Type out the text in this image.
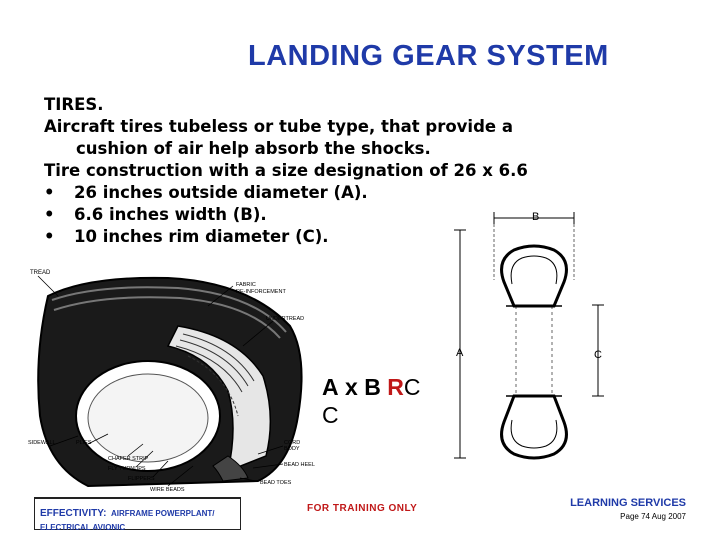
LANDING GEAR SYSTEM
TIRES.
Aircraft tires tubeless or tube type, that provide a
cushion of air help absorb the shocks.
Tire construction with a size designation of 26 x 6.6
•	26 inches outside diameter (A).
•	6.6 inches width (B).
•	10 inches rim diameter (C).
TREAD
FABRIC
RE-INFORCEMENT
UNDERTREAD
SIDEWALL	PLIES
CHAFER STRIP
FLY TURNUPS
FLIPPERS
WIRE BEADS
CORD
BODY
BEAD HEEL
BEAD TOES
B
A	C
A x B RC
C
EFFECTIVITY: AIRFRAME POWERPLANT/
ELECTRICAL AVIONIC
FOR TRAINING ONLY	LEARNING SERVICES
Page 74 Aug 2007
